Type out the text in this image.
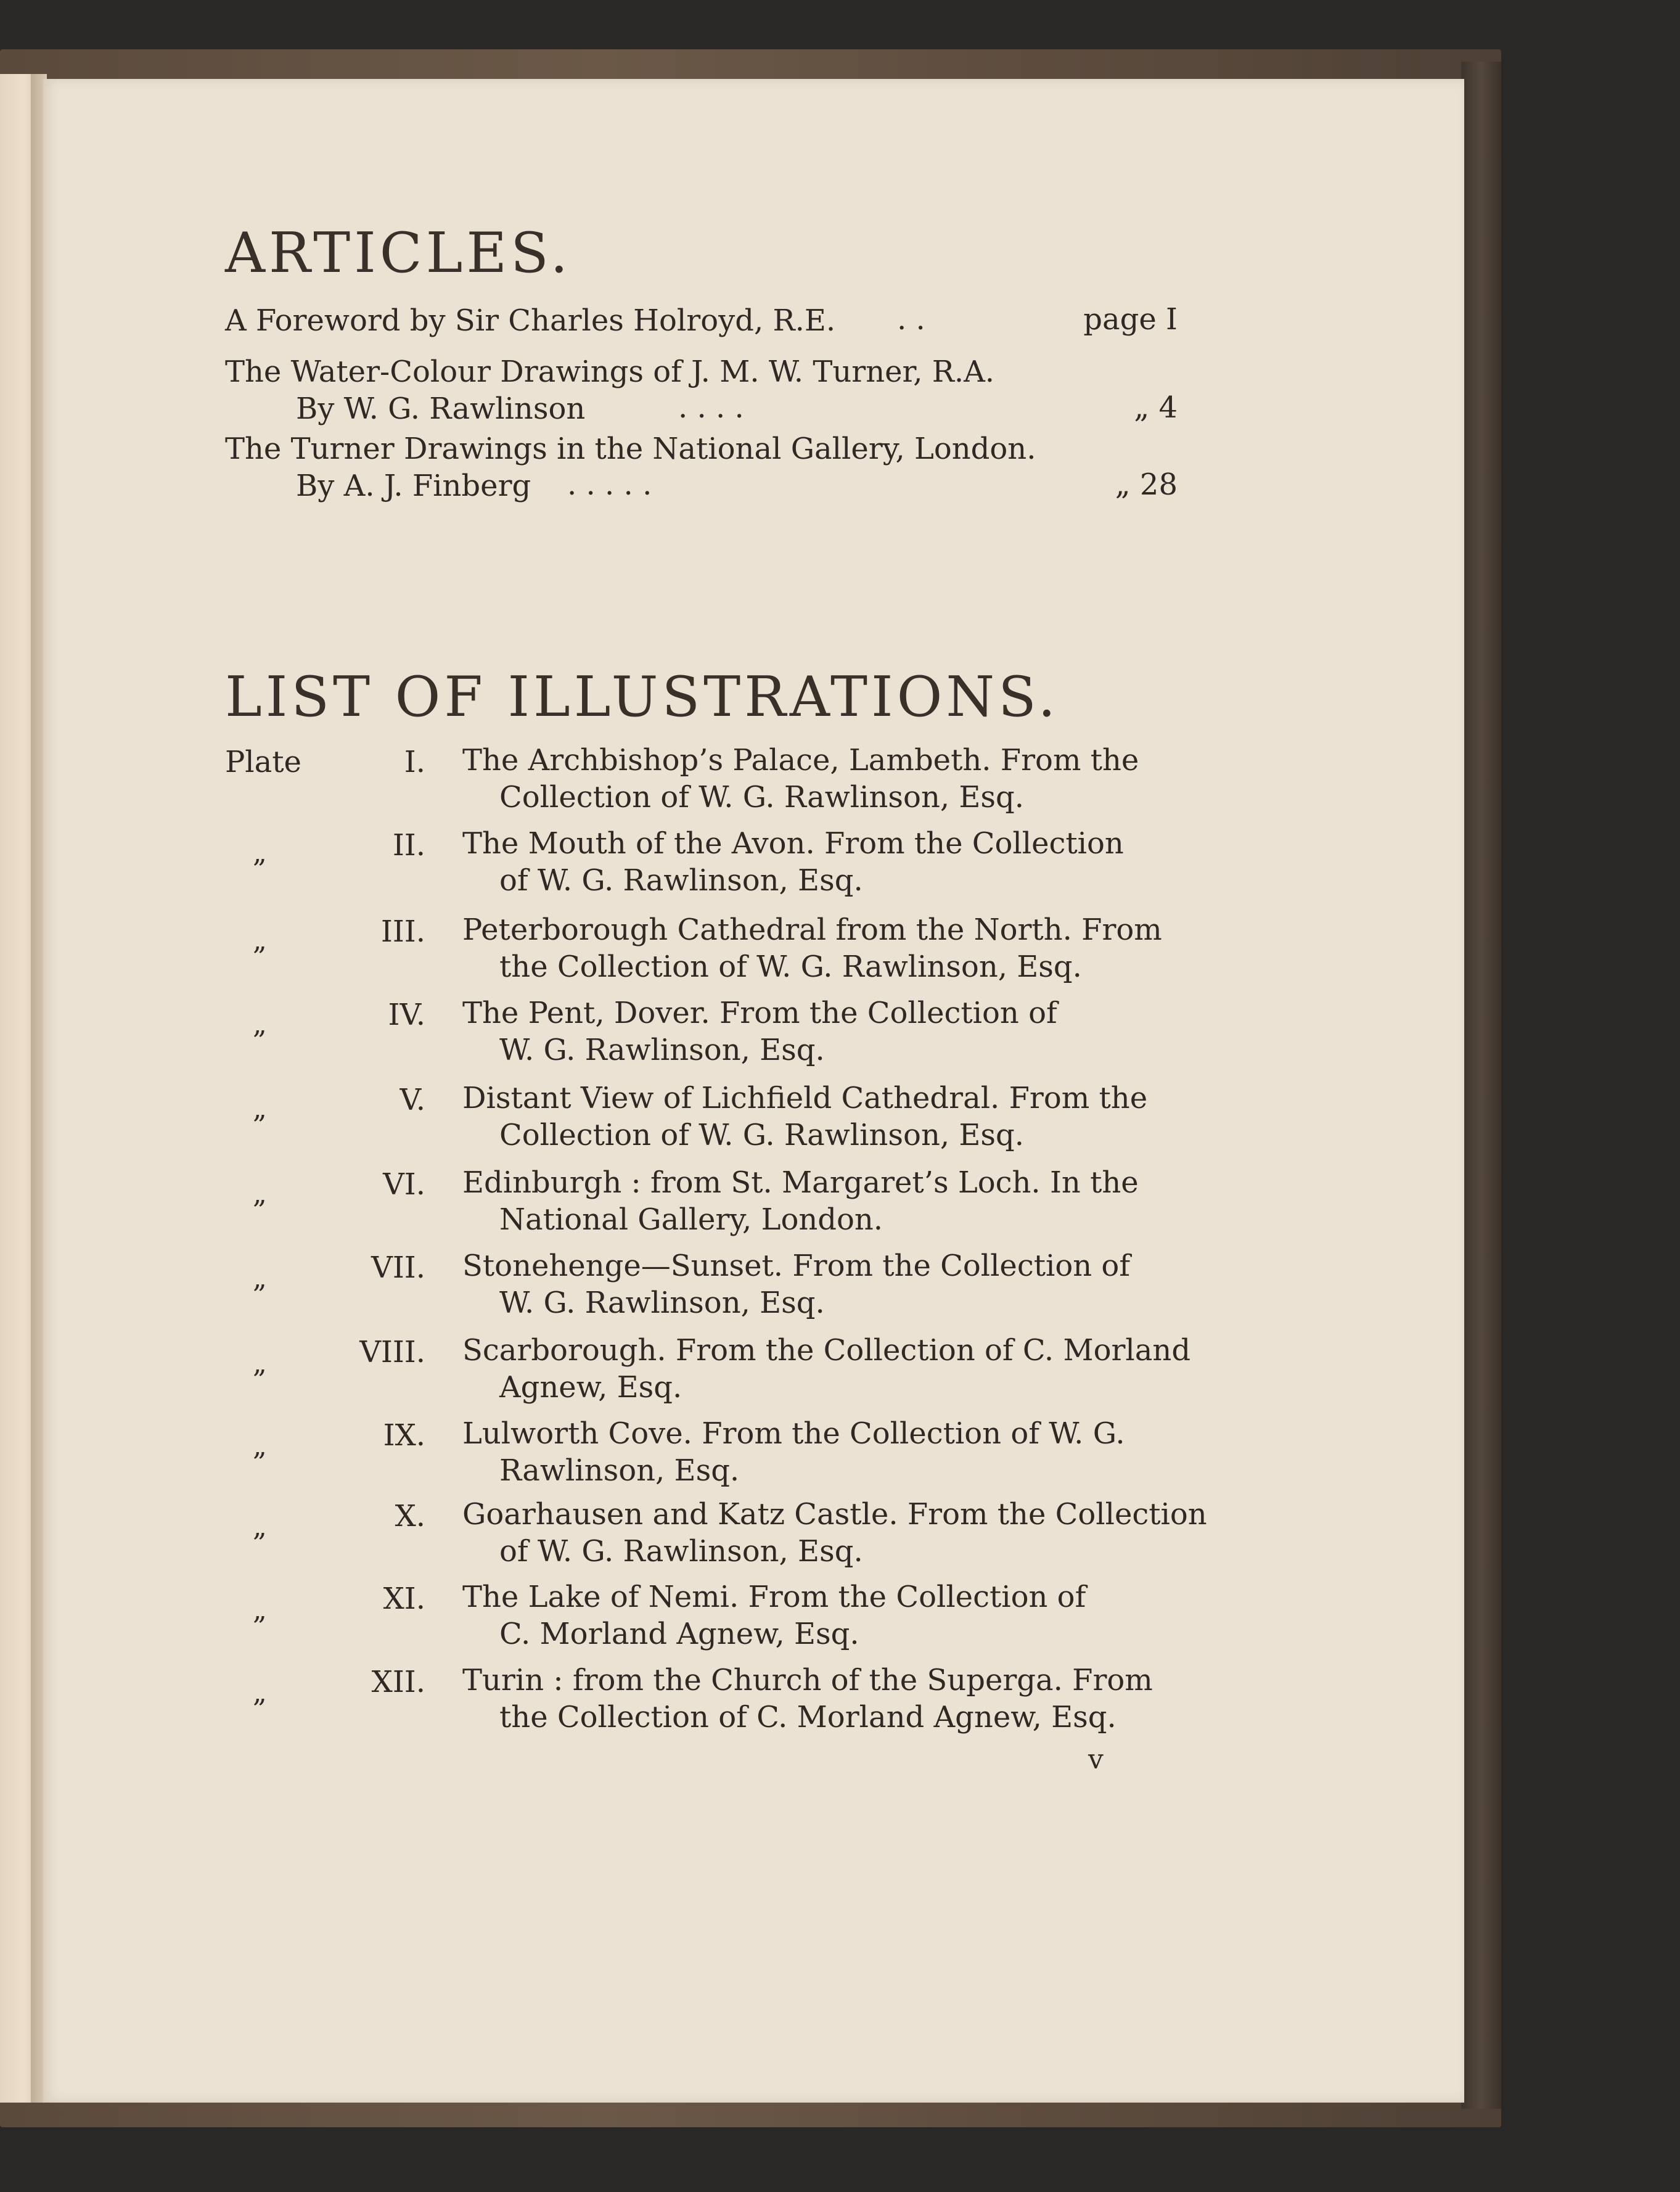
ARTICLES.
A Foreword by Sir Charles Holroyd, R.E. . .	page I
The Water-Colour Drawings of J. M. W. Turner, R.A.
By W. G. Rawlinson	. . . .	„ 4
The Turner Drawings in the National Gallery, London.
By A. J. Finberg . . . . .	„ 28
LIST OF ILLUSTRATIONS.
Plate	I. The Archbishop’s Palace, Lambeth. From the
Collection of W. G. Rawlinson, Esq.
„	II. The Mouth of the Avon. From the Collection
of W. G. Rawlinson, Esq.
„	III. Peterborough Cathedral from the North. From
the Collection of W. G. Rawlinson, Esq.
„	IV. The Pent, Dover. From the Collection of
W. G. Rawlinson, Esq.
„	V. Distant View of Lichfield Cathedral. From the
Collection of W. G. Rawlinson, Esq.
„	VI. Edinburgh : from St. Margaret’s Loch. In the
National Gallery, London.
„	VII. Stonehenge—Sunset. From the Collection of
W. G. Rawlinson, Esq.
„	VIII. Scarborough. From the Collection of C. Morland
Agnew, Esq.
„	IX. Lulworth Cove. From the Collection of W. G.
Rawlinson, Esq.
„	X. Goarhausen and Katz Castle. From the Collection
of W. G. Rawlinson, Esq.
„	XI. The Lake of Nemi. From the Collection of
C. Morland Agnew, Esq.
„	XII. Turin : from the Church of the Superga. From
the Collection of C. Morland Agnew, Esq.
v
